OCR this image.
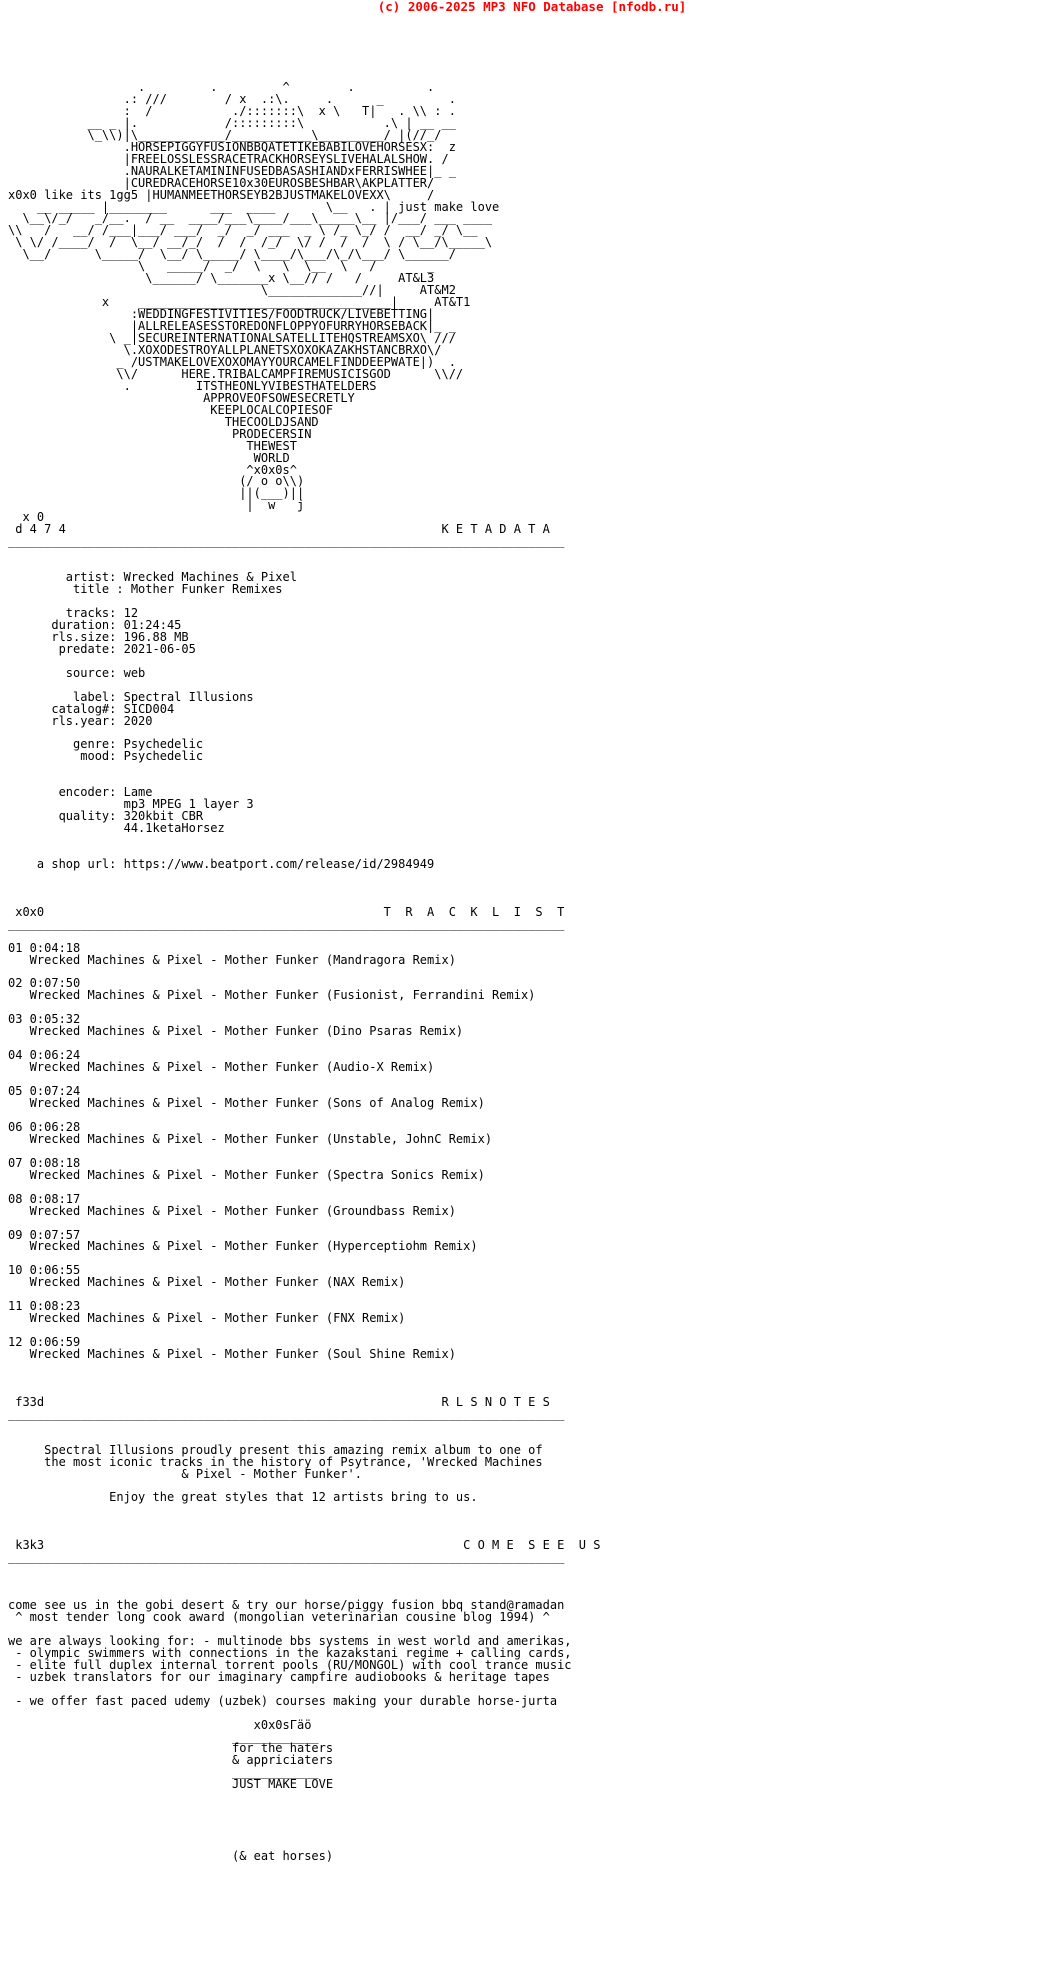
(c) 2006-2025 MP3 NFO Database [nfodb.ru]
.         .         ^        .          .
.: ///        / x  .:\.     .      _         .
:  /           ./:::::::\  x \   T|   . \\ : .
__ _ |.            /:::::::::\           .\ | __ __
\_\\)|\____________/___________\_________/ |(//_/
.HORSEPIGGYFUSIONBBQATETIKEBABILOVEHORSESX:  z
|FREELOSSLESSRACETRACKHORSEYSLIVEHALALSHOW. /
.NAURALKETAMININFUSEDBASASHIANDxFERRISWHEE|_ _
|CUREDRACEHORSE10x30EUROSBESHBAR\AKPLATTER/
x0x0 like its 1gg5 |HUMANMEETHORSEYB2BJUSTMAKELOVEXX\     /
__ _____ |________      ___  ____       \__   . | just make love
\__\/_/   _/__.  / __  ____/___\____/___\_____\__ |/___/ ___ ____
\\   /   __/ /___|___/ ___/  _/  _/ ___  _ \ /_ \_/ /  __/ _/ \__
\ \/ /____/  /  \__/ __/_/  /  /  /_/  \/ /  /  /  \ / \__/\_____\
\__/      \_____/  \__/ \_____/ \____/\___/\_/\___/ \______/
\   _____/  _/  \   \  \__  \   /       _
\______/ \_______x \__// /   /     AT&L3
\_____________//|     AT&M2
x    ___________________________________|     AT&T1
:WEDDINGFESTIVITIES/FOODTRUCK/LIVEBETTING|
|ALLRELEASESSTOREDONFLOPPYOFURRYHORSEBACK|_ _
\ _|SECUREINTERNATIONALSATELLITEHQSTREAMSXO\ ///
\.XOXODESTROYALLPLANETSXOXOKAZAKHSTANCBRXO\/
_ /USTMAKELOVEXOXOMAYYOURCAMELFINDDEEPWATE|)  .
\\/      HERE.TRIBALCAMPFIREMUSICISGOD      \\//
.         ITSTHEONLYVIBESTHATELDERS
APPROVEOFSOWESECRETLY
KEEPLOCALCOPIESOF
THECOOLDJSAND
PRODECERSIN
THEWEST
WORLD
^x0x0s^
(/ o o\\)
||(___)||
|  w   j
x 0
d 4 7 4                                                    K E T A D A T A
_____________________________________________________________________________

artist: Wrecked Machines & Pixel
title : Mother Funker Remixes

tracks: 12
duration: 01:24:45
rls.size: 196.88 MB
predate: 2021-06-05

source: web

label: Spectral Illusions
catalog#: SICD004
rls.year: 2020

genre: Psychedelic
mood: Psychedelic

encoder: Lame
mp3 MPEG 1 layer 3
quality: 320kbit CBR
44.1ketaHorsez

a shop url: https://www.beatport.com/release/id/2984949

x0x0                                               T  R  A  C  K  L  I  S  T
_____________________________________________________________________________

01 0:04:18
Wrecked Machines & Pixel - Mother Funker (Mandragora Remix)

02 0:07:50
Wrecked Machines & Pixel - Mother Funker (Fusionist, Ferrandini Remix)

03 0:05:32
Wrecked Machines & Pixel - Mother Funker (Dino Psaras Remix)

04 0:06:24
Wrecked Machines & Pixel - Mother Funker (Audio-X Remix)

05 0:07:24
Wrecked Machines & Pixel - Mother Funker (Sons of Analog Remix)

06 0:06:28
Wrecked Machines & Pixel - Mother Funker (Unstable, JohnC Remix)

07 0:08:18
Wrecked Machines & Pixel - Mother Funker (Spectra Sonics Remix)

08 0:08:17
Wrecked Machines & Pixel - Mother Funker (Groundbass Remix)

09 0:07:57
Wrecked Machines & Pixel - Mother Funker (Hyperceptiohm Remix)

10 0:06:55
Wrecked Machines & Pixel - Mother Funker (NAX Remix)

11 0:08:23
Wrecked Machines & Pixel - Mother Funker (FNX Remix)

12 0:06:59
Wrecked Machines & Pixel - Mother Funker (Soul Shine Remix)

f33d                                                       R L S N O T E S
_____________________________________________________________________________

Spectral Illusions proudly present this amazing remix album to one of
the most iconic tracks in the history of Psytrance, 'Wrecked Machines
& Pixel - Mother Funker'.

Enjoy the great styles that 12 artists bring to us.

k3k3                                                          C O M E  S E E  U S
_____________________________________________________________________________

come see us in the gobi desert & try our horse/piggy fusion bbq stand@ramadan
^ most tender long cook award (mongolian veterinarian cousine blog 1994) ^

we are always looking for: - multinode bbs systems in west world and amerikas,
- olympic swimmers with connections in the kazakstani regime + calling cards,
- elite full duplex internal torrent pools (RU/MONGOL) with cool trance music
- uzbek translators for our imaginary campfire audiobooks & heritage tapes

- we offer fast paced udemy (uzbek) courses making your durable horse-jurta

x0x0sГäö
____________
for the haters
& appriciaters
____________
JUST MAKE LOVE

(& eat horses)
